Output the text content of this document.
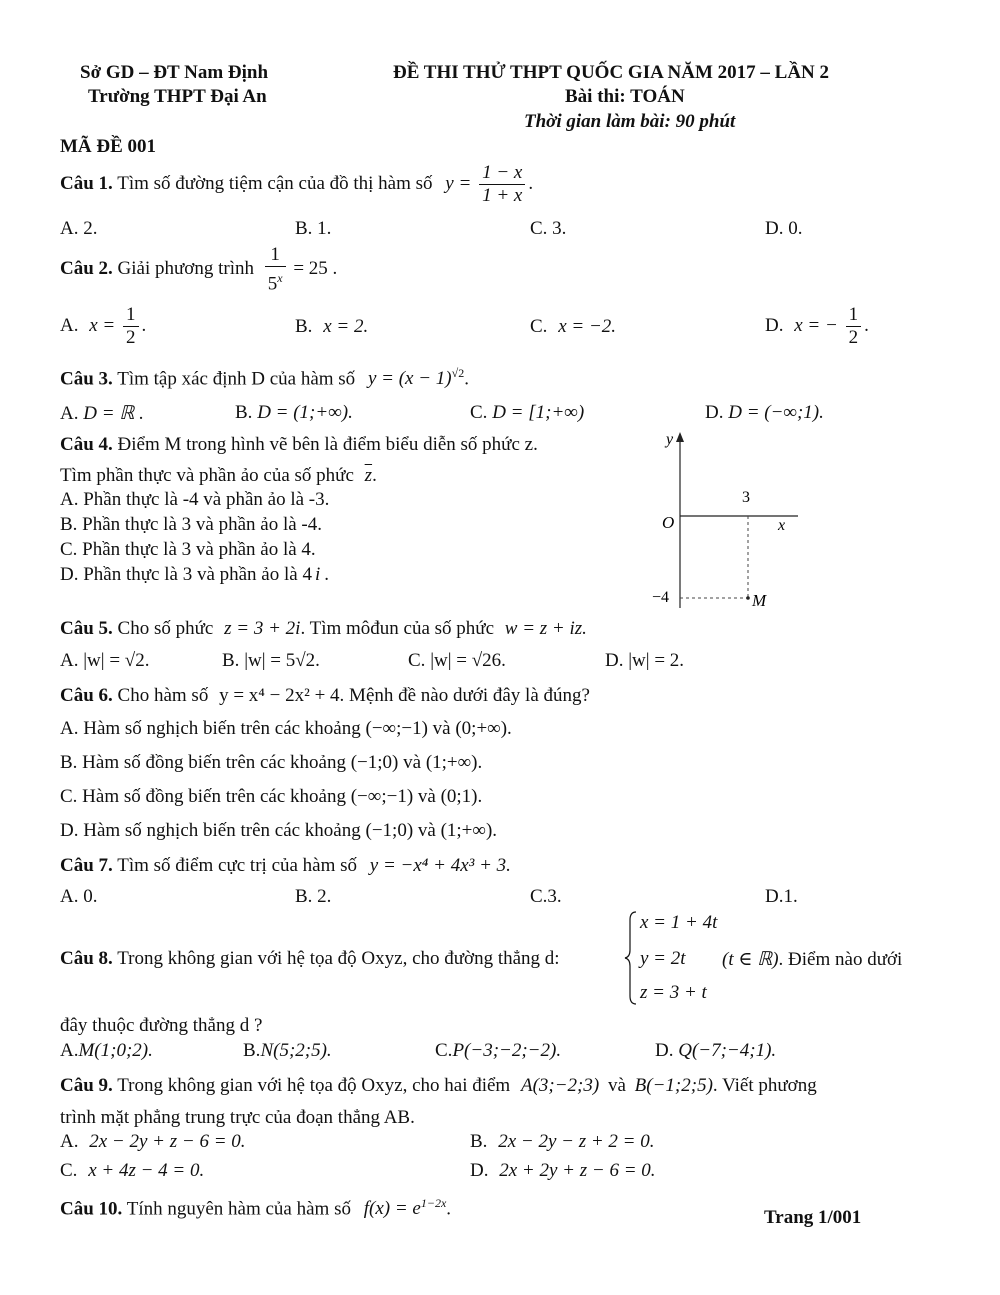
Sở GD – ĐT Nam Định
Trường THPT Đại An
ĐỀ THI THỬ THPT QUỐC GIA NĂM 2017 – LẦN 2
Bài thi: TOÁN
Thời gian làm bài: 90 phút
MÃ ĐỀ 001
Câu 1. Tìm số đường tiệm cận của đồ thị hàm số $y = \frac{1 - x}{1 + x}$ .
A. 2.	B. 1.	C. 3.	D. 0.
Câu 2. Giải phương trình $\frac{1}{5^x} = 25$ .
A. $x = \frac{1}{2}$ .	B. x = 2.	C. x = −2.	D. x = − $\frac{1}{2}$ .
Câu 3. Tìm tập xác định D của hàm số $y = (x - 1)^{√2}$.
A. D = ℝ .	B. D = (1;+∞).	C. D = [1;+∞)	D. D = (−∞;1).
Câu 4. Điểm M trong hình vẽ bên là điểm biểu diễn số phức z.
Tìm phần thực và phần ảo của số phức $\overline{z}$.
A. Phần thực là -4 và phần ảo là -3.
B. Phần thực là 3 và phần ảo là -4.
C. Phần thực là 3 và phần ảo là 4.
D. Phần thực là 3 và phần ảo là 4 i .
y
x
O
3
−4	M
Câu 5. Cho số phức z = 3 + 2i. Tìm môđun của số phức w = z + iz.
A. |w| = √2.	B. |w| = 5√2.	C. |w| = √26.	D. |w| = 2.
Câu 6. Cho hàm số y = x⁴ − 2x² + 4. Mệnh đề nào dưới đây là đúng?
A. Hàm số nghịch biến trên các khoảng (−∞;−1) và (0;+∞).
B. Hàm số đồng biến trên các khoảng (−1;0) và (1;+∞).
C. Hàm số đồng biến trên các khoảng (−∞;−1) và (0;1).
D. Hàm số nghịch biến trên các khoảng (−1;0) và (1;+∞).
Câu 7. Tìm số điểm cực trị của hàm số y = −x⁴ + 4x³ + 3.
A. 0.	B. 2.	C.3.	D.1.
Câu 8. Trong không gian với hệ tọa độ Oxyz, cho đường thẳng d:
x = 1 + 4t
y = 2t
z = 3 + t
(t ∈ ℝ). Điểm nào dưới
đây thuộc đường thẳng d ?
A.M(1;0;2).	B.N(5;2;5).	C.P(−3;−2;−2).	D. Q(−7;−4;1).
Câu 9. Trong không gian với hệ tọa độ Oxyz, cho hai điểm A(3;−2;3) và B(−1;2;5). Viết phương
trình mặt phẳng trung trực của đoạn thẳng AB.
A. 2x − 2y + z − 6 = 0.	B. 2x − 2y − z + 2 = 0.
C. x + 4z − 4 = 0.	D. 2x + 2y + z − 6 = 0.
Câu 10. Tính nguyên hàm của hàm số $f(x) = e^{1-2x}$.	Trang 1/001
